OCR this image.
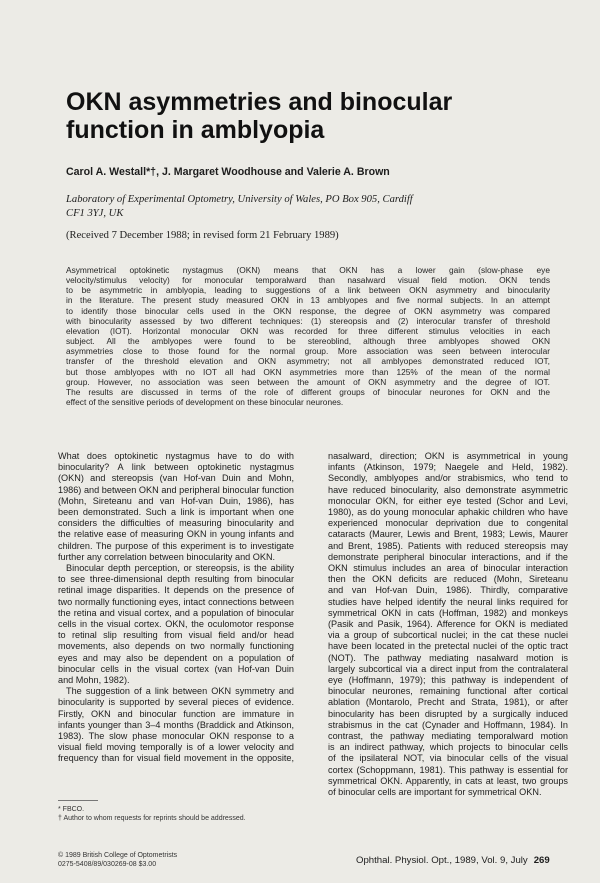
OKN asymmetries and binocular
function in amblyopia
Carol A. Westall*†, J. Margaret Woodhouse and Valerie A. Brown
Laboratory of Experimental Optometry, University of Wales, PO Box 905, Cardiff
CF1 3YJ, UK
(Received 7 December 1988; in revised form 21 February 1989)
Asymmetrical optokinetic nystagmus (OKN) means that OKN has a lower gain (slow-phase eye
velocity/stimulus velocity) for monocular temporalward than nasalward visual field motion. OKN tends
to be asymmetric in amblyopia, leading to suggestions of a link between OKN asymmetry and binocularity
in the literature. The present study measured OKN in 13 amblyopes and five normal subjects. In an attempt
to identify those binocular cells used in the OKN response, the degree of OKN asymmetry was compared
with binocularity assessed by two different techniques: (1) stereopsis and (2) interocular transfer of threshold
elevation (IOT). Horizontal monocular OKN was recorded for three different stimulus velocities in each
subject. All the amblyopes were found to be stereoblind, although three amblyopes showed OKN
asymmetries close to those found for the normal group. More association was seen between interocular
transfer of the threshold elevation and OKN asymmetry; not all amblyopes demonstrated reduced IOT,
but those amblyopes with no IOT all had OKN asymmetries more than 125% of the mean of the normal
group. However, no association was seen between the amount of OKN asymmetry and the degree of IOT.
The results are discussed in terms of the role of different groups of binocular neurones for OKN and the
effect of the sensitive periods of development on these binocular neurones.
What does optokinetic nystagmus have to do with
binocularity? A link between optokinetic nystagmus
(OKN) and stereopsis (van Hof-van Duin and Mohn,
1986) and between OKN and peripheral binocular function
(Mohn, Sireteanu and van Hof-van Duin, 1986), has
been demonstrated. Such a link is important when one
considers the difficulties of measuring binocularity and
the relative ease of measuring OKN in young infants and
children. The purpose of this experiment is to investigate
further any correlation between binocularity and OKN.
Binocular depth perception, or stereopsis, is the ability
to see three-dimensional depth resulting from binocular
retinal image disparities. It depends on the presence of
two normally functioning eyes, intact connections between
the retina and visual cortex, and a population of binocular
cells in the visual cortex. OKN, the oculomotor response
to retinal slip resulting from visual field and/or head
movements, also depends on two normally functioning
eyes and may also be dependent on a population of
binocular cells in the visual cortex (van Hof-van Duin
and Mohn, 1982).
The suggestion of a link between OKN symmetry and
binocularity is supported by several pieces of evidence.
Firstly, OKN and binocular function are immature in
infants younger than 3–4 months (Braddick and Atkinson,
1983). The slow phase monocular OKN response to a
visual field moving temporally is of a lower velocity and
frequency than for visual field movement in the opposite,
nasalward, direction; OKN is asymmetrical in young
infants (Atkinson, 1979; Naegele and Held, 1982).
Secondly, amblyopes and/or strabismics, who tend to
have reduced binocularity, also demonstrate asymmetric
monocular OKN, for either eye tested (Schor and Levi,
1980), as do young monocular aphakic children who have
experienced monocular deprivation due to congenital
cataracts (Maurer, Lewis and Brent, 1983; Lewis, Maurer
and Brent, 1985). Patients with reduced stereopsis may
demonstrate peripheral binocular interactions, and if the
OKN stimulus includes an area of binocular interaction
then the OKN deficits are reduced (Mohn, Sireteanu
and van Hof-van Duin, 1986). Thirdly, comparative
studies have helped identify the neural links required for
symmetrical OKN in cats (Hoffman, 1982) and monkeys
(Pasik and Pasik, 1964). Afference for OKN is mediated
via a group of subcortical nuclei; in the cat these nuclei
have been located in the pretectal nuclei of the optic tract
(NOT). The pathway mediating nasalward motion is
largely subcortical via a direct input from the contralateral
eye (Hoffmann, 1979); this pathway is independent of
binocular neurones, remaining functional after cortical
ablation (Montarolo, Precht and Strata, 1981), or after
binocularity has been disrupted by a surgically induced
strabismus in the cat (Cynader and Hoffmann, 1984). In
contrast, the pathway mediating temporalward motion
is an indirect pathway, which projects to binocular cells
of the ipsilateral NOT, via binocular cells of the visual
cortex (Schoppmann, 1981). This pathway is essential for
symmetrical OKN. Apparently, in cats at least, two groups
of binocular cells are important for symmetrical OKN.
* FBCO.
† Author to whom requests for reprints should be addressed.
© 1989 British College of Optometrists
0275-5408/89/030269-08 $3.00	Ophthal. Physiol. Opt., 1989, Vol. 9, July 269
